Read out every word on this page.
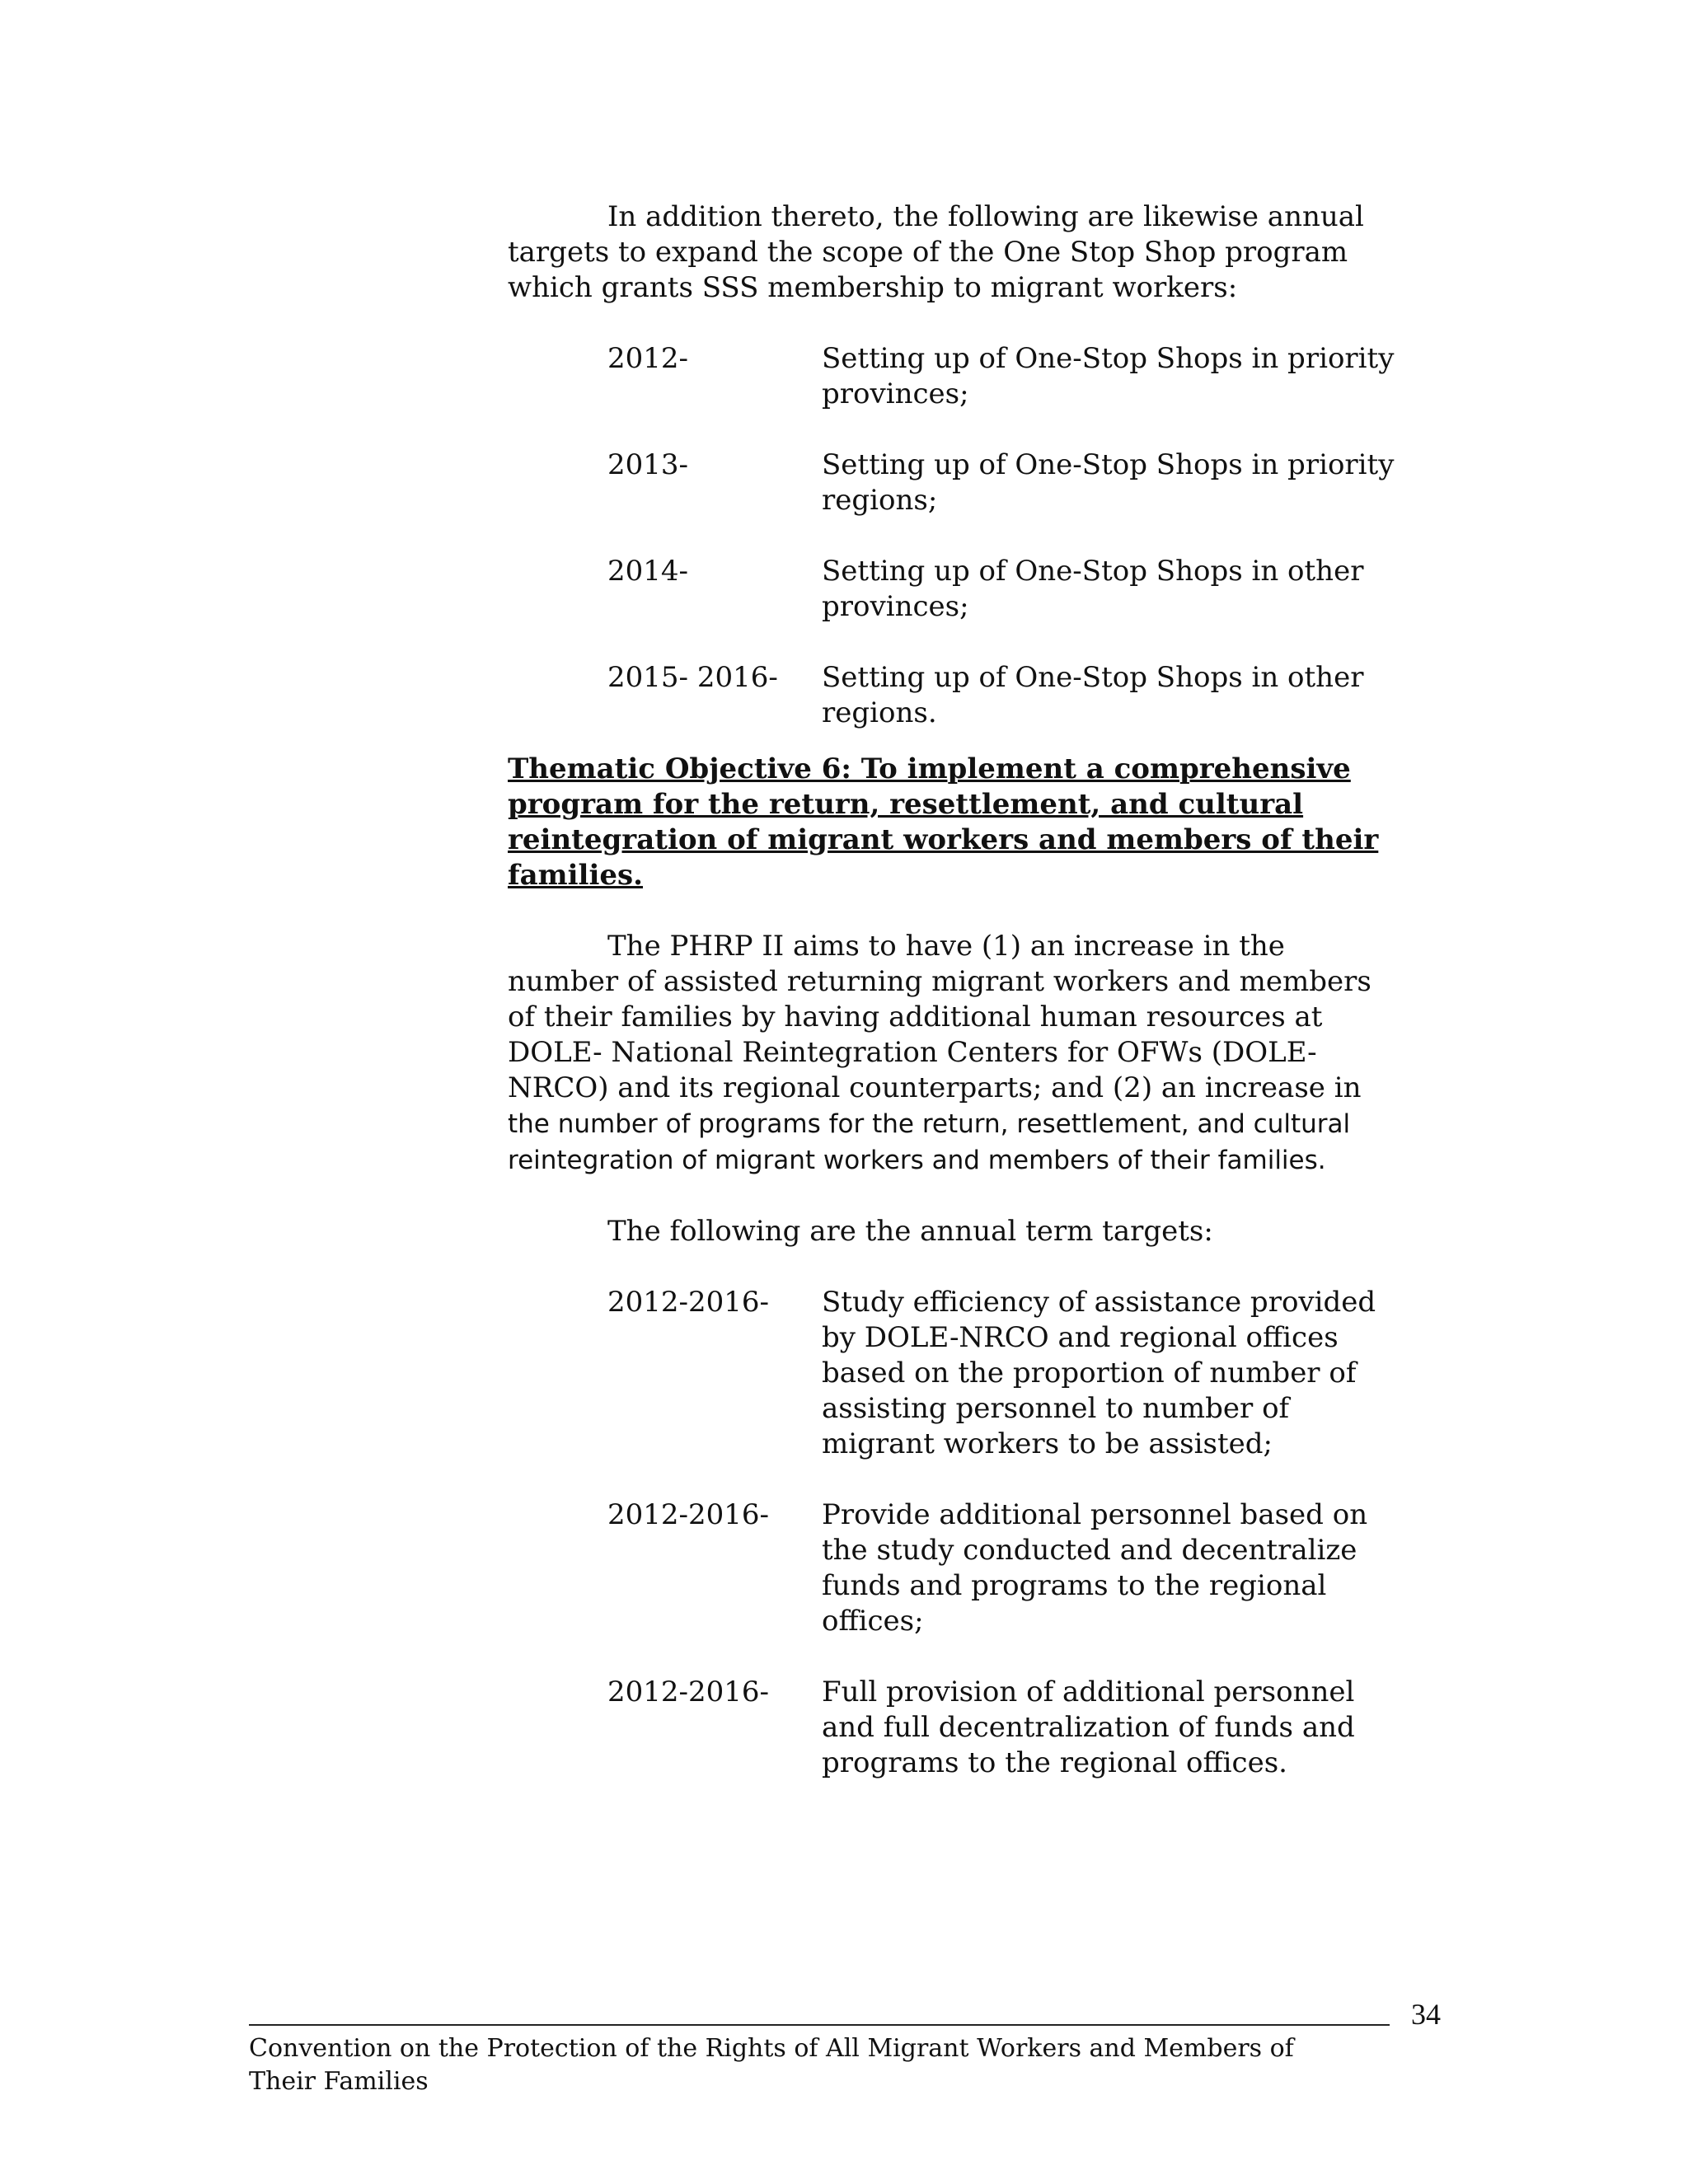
In addition thereto, the following are likewise annual targets to expand the scope of the One Stop Shop program which grants SSS membership to migrant workers:

2012-	Setting up of One-Stop Shops in priority provinces;
2013-	Setting up of One-Stop Shops in priority regions;
2014-	Setting up of One-Stop Shops in other provinces;
2015- 2016-	Setting up of One-Stop Shops in other regions.

Thematic Objective 6: To implement a comprehensive program for the return, resettlement, and cultural reintegration of migrant workers and members of their families.

The PHRP II aims to have (1) an increase in the number of assisted returning migrant workers and members of their families by having additional human resources at DOLE- National Reintegration Centers for OFWs (DOLE-NRCO) and its regional counterparts; and (2) an increase in the number of programs for the return, resettlement, and cultural reintegration of migrant workers and members of their families.

The following are the annual term targets:

2012-2016-	Study efficiency of assistance provided by DOLE-NRCO and regional offices based on the proportion of number of assisting personnel to number of migrant workers to be assisted;
2012-2016-	Provide additional personnel based on the study conducted and decentralize funds and programs to the regional offices;
2012-2016-	Full provision of additional personnel and full decentralization of funds and programs to the regional offices.
34
Convention on the Protection of the Rights of All Migrant Workers and Members of Their Families
